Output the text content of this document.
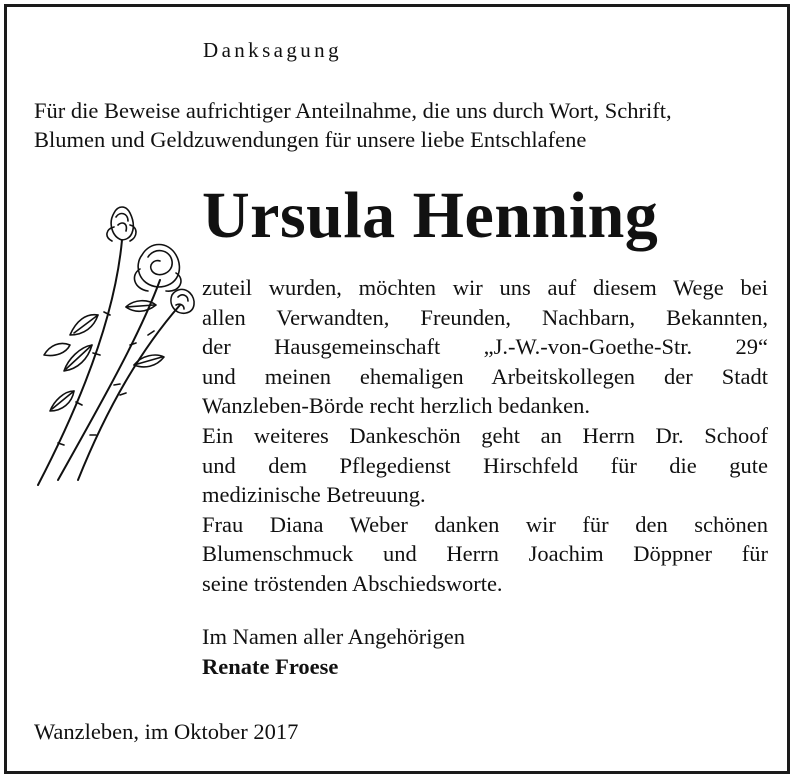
Danksagung

Für die Beweise aufrichtiger Anteilnahme, die uns durch Wort, Schrift,

Blumen und Geldzuwendungen für unsere liebe Entschlafene

Ursula Henning

zuteil wurden, möchten wir uns auf diesem Wege bei

allen Verwandten, Freunden, Nachbarn, Bekannten,

der Hausgemeinschaft „J.-W.-von-Goethe-Str. 29“

und meinen ehemaligen Arbeitskollegen der Stadt

Wanzleben-Börde recht herzlich bedanken.

Ein weiteres Dankeschön geht an Herrn Dr. Schoof

und dem Pflegedienst Hirschfeld für die gute

medizinische Betreuung.

Frau Diana Weber danken wir für den schönen

Blumenschmuck und Herrn Joachim Döppner für

seine tröstenden Abschiedsworte.

Im Namen aller Angehörigen
Renate Froese
Wanzleben, im Oktober 2017
